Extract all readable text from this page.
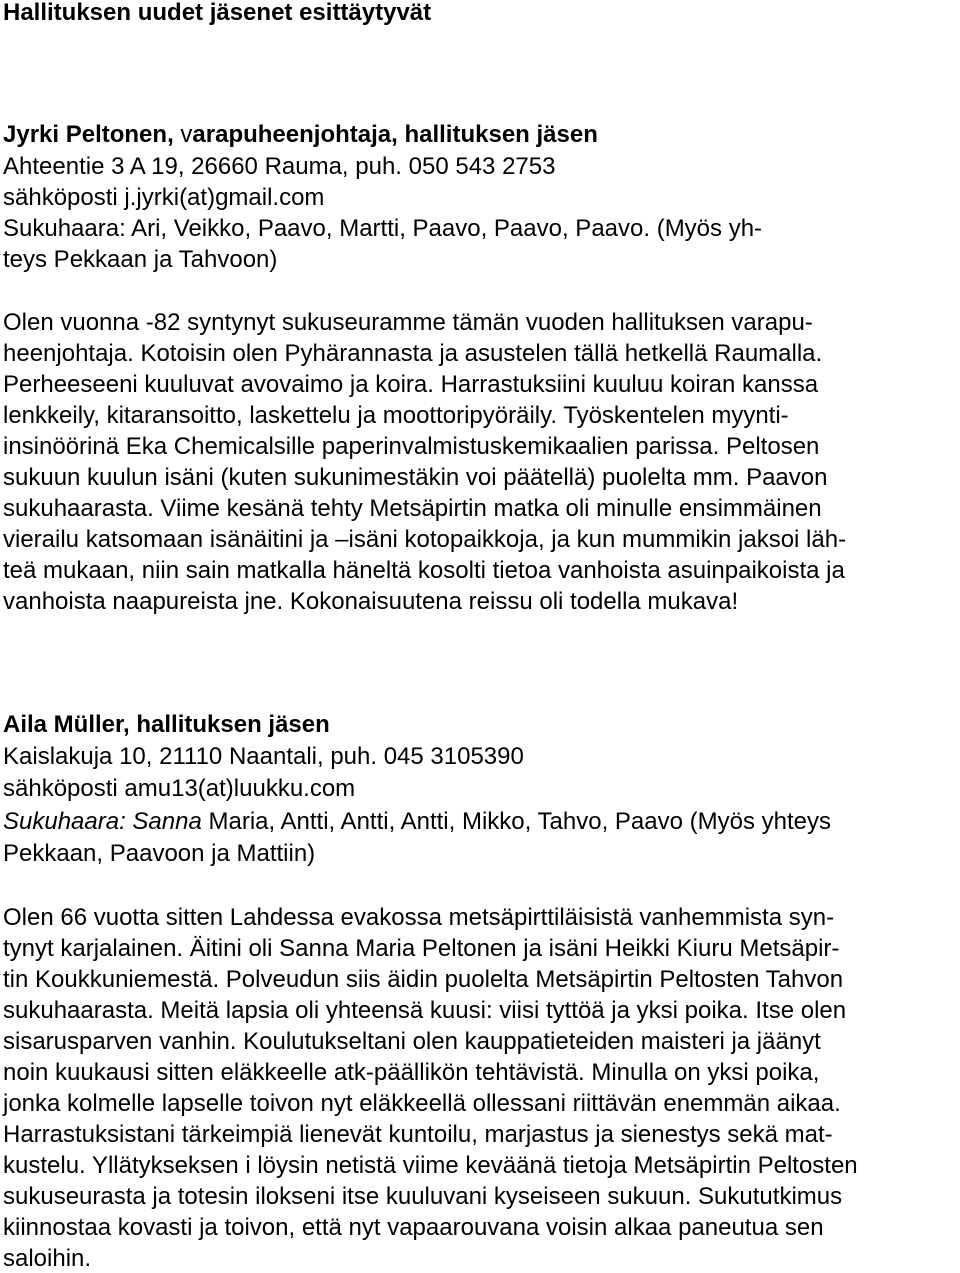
Hallituksen uudet jäsenet esittäytyvät

Jyrki Peltonen, varapuheenjohtaja, hallituksen jäsen

Ahteentie 3 A 19, 26660 Rauma, puh. 050 543 2753

sähköposti j.jyrki(at)gmail.com

Sukuhaara: Ari, Veikko, Paavo, Martti, Paavo, Paavo, Paavo. (Myös yh-

teys Pekkaan ja Tahvoon)

Olen vuonna -82 syntynyt sukuseuramme tämän vuoden hallituksen varapu-

heenjohtaja. Kotoisin olen Pyhärannasta ja asustelen tällä hetkellä Raumalla.

Perheeseeni kuuluvat avovaimo ja koira. Harrastuksiini kuuluu koiran kanssa

lenkkeily, kitaransoitto, laskettelu ja moottoripyöräily. Työskentelen myynti-

insinöörinä Eka Chemicalsille paperinvalmistuskemikaalien parissa. Peltosen

sukuun kuulun isäni (kuten sukunimestäkin voi päätellä) puolelta mm. Paavon

sukuhaarasta. Viime kesänä tehty Metsäpirtin matka oli minulle ensimmäinen

vierailu katsomaan isänäitini ja –isäni kotopaikkoja, ja kun mummikin jaksoi läh-

teä mukaan, niin sain matkalla häneltä kosolti tietoa vanhoista asuinpaikoista ja

vanhoista naapureista jne. Kokonaisuutena reissu oli todella mukava!

Aila Müller, hallituksen jäsen

Kaislakuja 10, 21110 Naantali, puh. 045 3105390

sähköposti amu13(at)luukku.com

Sukuhaara: Sanna Maria, Antti, Antti, Antti, Mikko, Tahvo, Paavo (Myös yhteys

Pekkaan, Paavoon ja Mattiin)

Olen 66 vuotta sitten Lahdessa evakossa metsäpirttiläisistä vanhemmista syn-

tynyt karjalainen. Äitini oli Sanna Maria Peltonen ja isäni Heikki Kiuru Metsäpir-

tin Koukkuniemestä. Polveudun siis äidin puolelta Metsäpirtin Peltosten Tahvon

sukuhaarasta. Meitä lapsia oli yhteensä kuusi: viisi tyttöä ja yksi poika. Itse olen

sisarusparven vanhin. Koulutukseltani olen kauppatieteiden maisteri ja jäänyt

noin kuukausi sitten eläkkeelle atk-päällikön tehtävistä. Minulla on yksi poika,

jonka kolmelle lapselle toivon nyt eläkkeellä ollessani riittävän enemmän aikaa.

Harrastuksistani tärkeimpiä lienevät kuntoilu, marjastus ja sienestys sekä mat-

kustelu. Yllätykseksen i löysin netistä viime keväänä tietoja Metsäpirtin Peltosten

sukuseurasta ja totesin ilokseni itse kuuluvani kyseiseen sukuun. Sukututkimus

kiinnostaa kovasti ja toivon, että nyt vapaarouvana voisin alkaa paneutua sen

saloihin.
